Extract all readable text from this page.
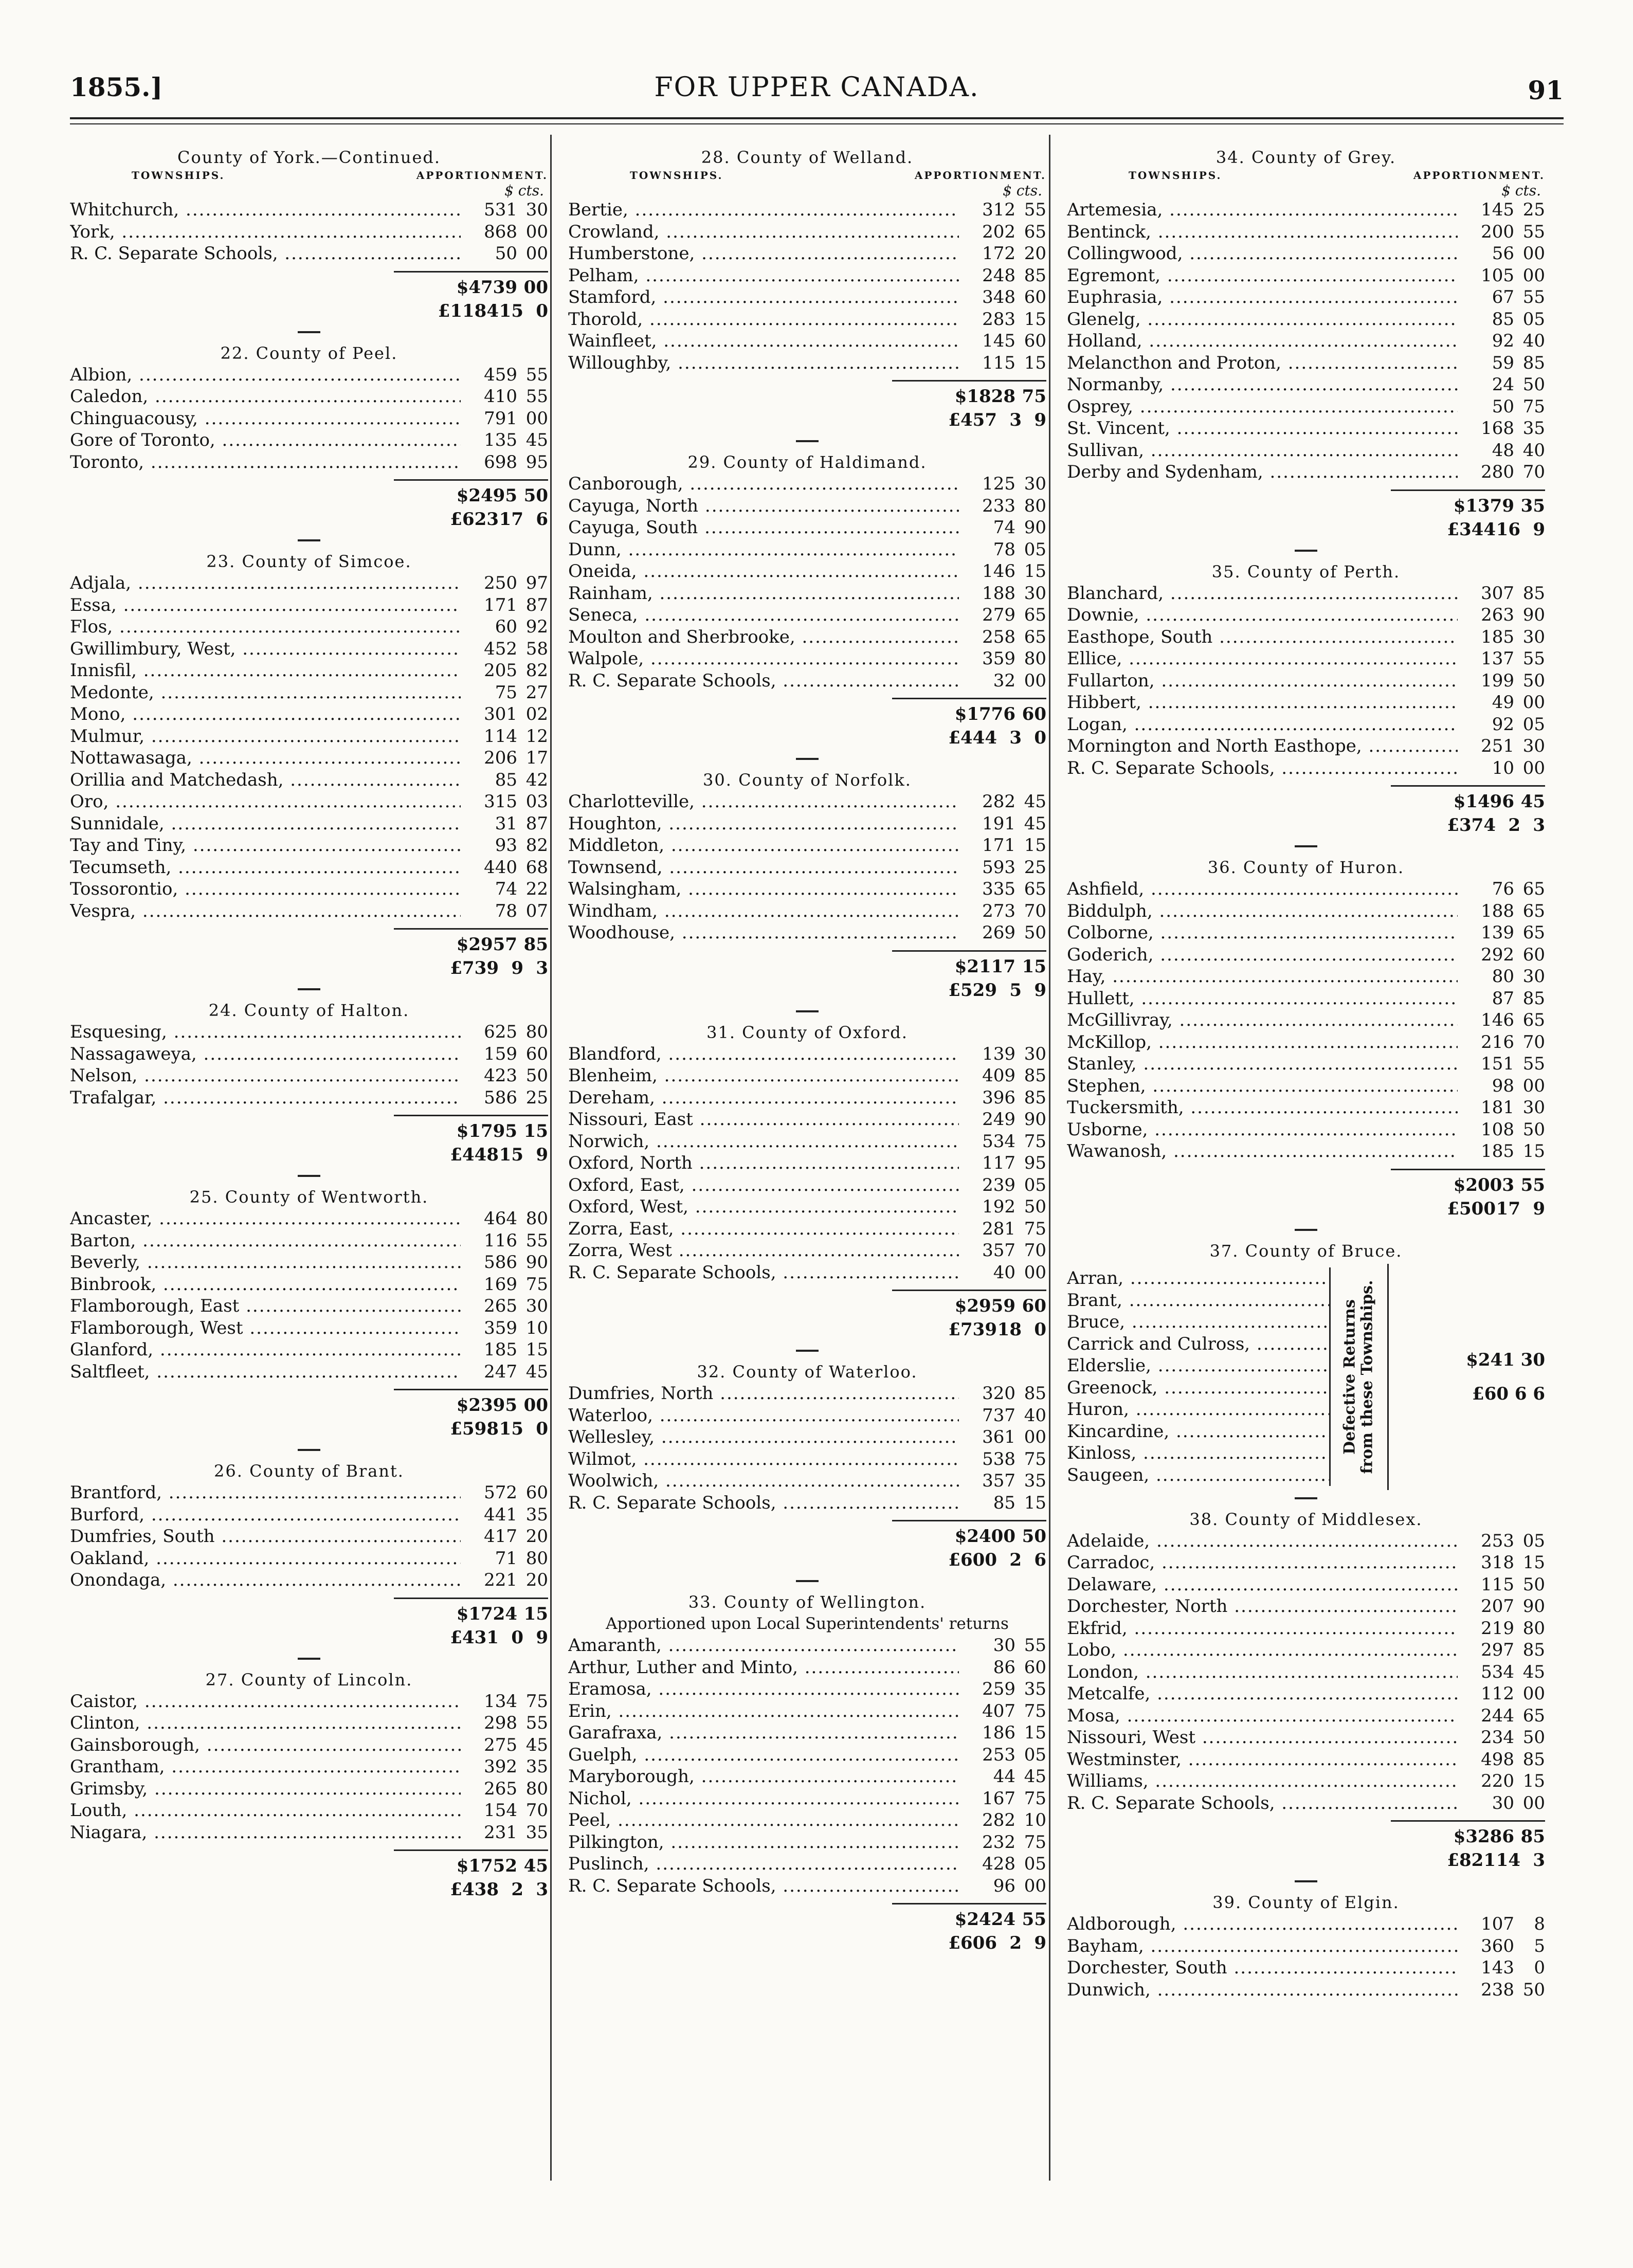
1855.]	FOR UPPER CANADA.	91
County of York.—Continued.
TOWNSHIPS.	APPORTIONMENT.
$ cts.
Whitchurch, .....	531 30
York, .....	868 00
R. C. Separate Schools, .....	50 00
$4739 00
£1184 15 0
22. County of Peel.
Albion, .....	459 55
Caledon, .....	410 55
Chinguacousy, .....	791 00
Gore of Toronto, .....	135 45
Toronto, .....	698 95
$2495 50
£623 17 6
23. County of Simcoe.
Adjala, .....	250 97
Essa, .....	171 87
Flos, .....	60 92
Gwillimbury, West, .....	452 58
Innisfil, .....	205 82
Medonte, .....	75 27
Mono, .....	301 02
Mulmur, .....	114 12
Nottawasaga, .....	206 17
Orillia and Matchedash, .....	85 42
Oro, .....	315 03
Sunnidale, .....	31 87
Tay and Tiny, .....	93 82
Tecumseth, .....	440 68
Tossorontio, .....	74 22
Vespra, .....	78 07
$2957 85
£739 9 3
24. County of Halton.
Esquesing, .....	625 80
Nassagaweya, .....	159 60
Nelson, .....	423 50
Trafalgar, .....	586 25
$1795 15
£448 15 9
25. County of Wentworth.
Ancaster, .....	464 80
Barton, .....	116 55
Beverly, .....	586 90
Binbrook, .....	169 75
Flamborough, East .....	265 30
Flamborough, West .....	359 10
Glanford, .....	185 15
Saltfleet, .....	247 45
$2395 00
£598 15 0
26. County of Brant.
Brantford, .....	572 60
Burford, .....	441 35
Dumfries, South .....	417 20
Oakland, .....	71 80
Onondaga, .....	221 20
$1724 15
£431 0 9
27. County of Lincoln.
Caistor, .....	134 75
Clinton, .....	298 55
Gainsborough, .....	275 45
Grantham, .....	392 35
Grimsby, .....	265 80
Louth, .....	154 70
Niagara, .....	231 35
$1752 45
£438 2 3
28. County of Welland.
TOWNSHIPS.	APPORTIONMENT.
$ cts.
Bertie, .....	312 55
Crowland, .....	202 65
Humberstone, .....	172 20
Pelham, .....	248 85
Stamford, .....	348 60
Thorold, .....	283 15
Wainfleet, .....	145 60
Willoughby, .....	115 15
$1828 75
£457 3 9
29. County of Haldimand.
Canborough, .....	125 30
Cayuga, North .....	233 80
Cayuga, South .....	74 90
Dunn, .....	78 05
Oneida, .....	146 15
Rainham, .....	188 30
Seneca, .....	279 65
Moulton and Sherbrooke, .....	258 65
Walpole, .....	359 80
R. C. Separate Schools, .....	32 00
$1776 60
£444 3 0
30. County of Norfolk.
Charlotteville, .....	282 45
Houghton, .....	191 45
Middleton, .....	171 15
Townsend, .....	593 25
Walsingham, .....	335 65
Windham, .....	273 70
Woodhouse, .....	269 50
$2117 15
£529 5 9
31. County of Oxford.
Blandford, .....	139 30
Blenheim, .....	409 85
Dereham, .....	396 85
Nissouri, East .....	249 90
Norwich, .....	534 75
Oxford, North .....	117 95
Oxford, East, .....	239 05
Oxford, West, .....	192 50
Zorra, East, .....	281 75
Zorra, West .....	357 70
R. C. Separate Schools, .....	40 00
$2959 60
£739 18 0
32. County of Waterloo.
Dumfries, North .....	320 85
Waterloo, .....	737 40
Wellesley, .....	361 00
Wilmot, .....	538 75
Woolwich, .....	357 35
R. C. Separate Schools, .....	85 15
$2400 50
£600 2 6
33. County of Wellington.
Apportioned upon Local Superintendents' returns
Amaranth, .....	30 55
Arthur, Luther and Minto, .....	86 60
Eramosa, .....	259 35
Erin, .....	407 75
Garafraxa, .....	186 15
Guelph, .....	253 05
Maryborough, .....	44 45
Nichol, .....	167 75
Peel, .....	282 10
Pilkington, .....	232 75
Puslinch, .....	428 05
R. C. Separate Schools, .....	96 00
$2424 55
£606 2 9
34. County of Grey.
TOWNSHIPS.	APPORTIONMENT.
$ cts.
Artemesia, .....	145 25
Bentinck, .....	200 55
Collingwood, .....	56 00
Egremont, .....	105 00
Euphrasia, .....	67 55
Glenelg, .....	85 05
Holland, .....	92 40
Melancthon and Proton, .....	59 85
Normanby, .....	24 50
Osprey, .....	50 75
St. Vincent, .....	168 35
Sullivan, .....	48 40
Derby and Sydenham, .....	280 70
$1379 35
£344 16 9
35. County of Perth.
Blanchard, .....	307 85
Downie, .....	263 90
Easthope, South .....	185 30
Ellice, .....	137 55
Fullarton, .....	199 50
Hibbert, .....	49 00
Logan, .....	92 05
Mornington and North Easthope, .....	251 30
R. C. Separate Schools, .....	10 00
$1496 45
£374 2 3
36. County of Huron.
Ashfield, .....	76 65
Biddulph, .....	188 65
Colborne, .....	139 65
Goderich, .....	292 60
Hay, .....	80 30
Hullett, .....	87 85
McGillivray, .....	146 65
McKillop, .....	216 70
Stanley, .....	151 55
Stephen, .....	98 00
Tuckersmith, .....	181 30
Usborne, .....	108 50
Wawanosh, .....	185 15
$2003 55
£500 17 9
37. County of Bruce.
Arran, .....
Brant, .....
Bruce, .....
Carrick and Culross, .....
Elderslie, .....
Greenock, .....
Huron, .....
Kincardine, .....
Kinloss, .....
Saugeen, .....
Defective Returns from these Townships.	$241 30
£60 6 6
38. County of Middlesex.
Adelaide, .....	253 05
Carradoc, .....	318 15
Delaware, .....	115 50
Dorchester, North .....	207 90
Ekfrid, .....	219 80
Lobo, .....	297 85
London, .....	534 45
Metcalfe, .....	112 00
Mosa, .....	244 65
Nissouri, West .....	234 50
Westminster, .....	498 85
Williams, .....	220 15
R. C. Separate Schools, .....	30 00
$3286 85
£821 14 3
39. County of Elgin.
Aldborough, .....	107	8
Bayham, .....	360	5
Dorchester, South .....	143	0
Dunwich, .....	238 50
